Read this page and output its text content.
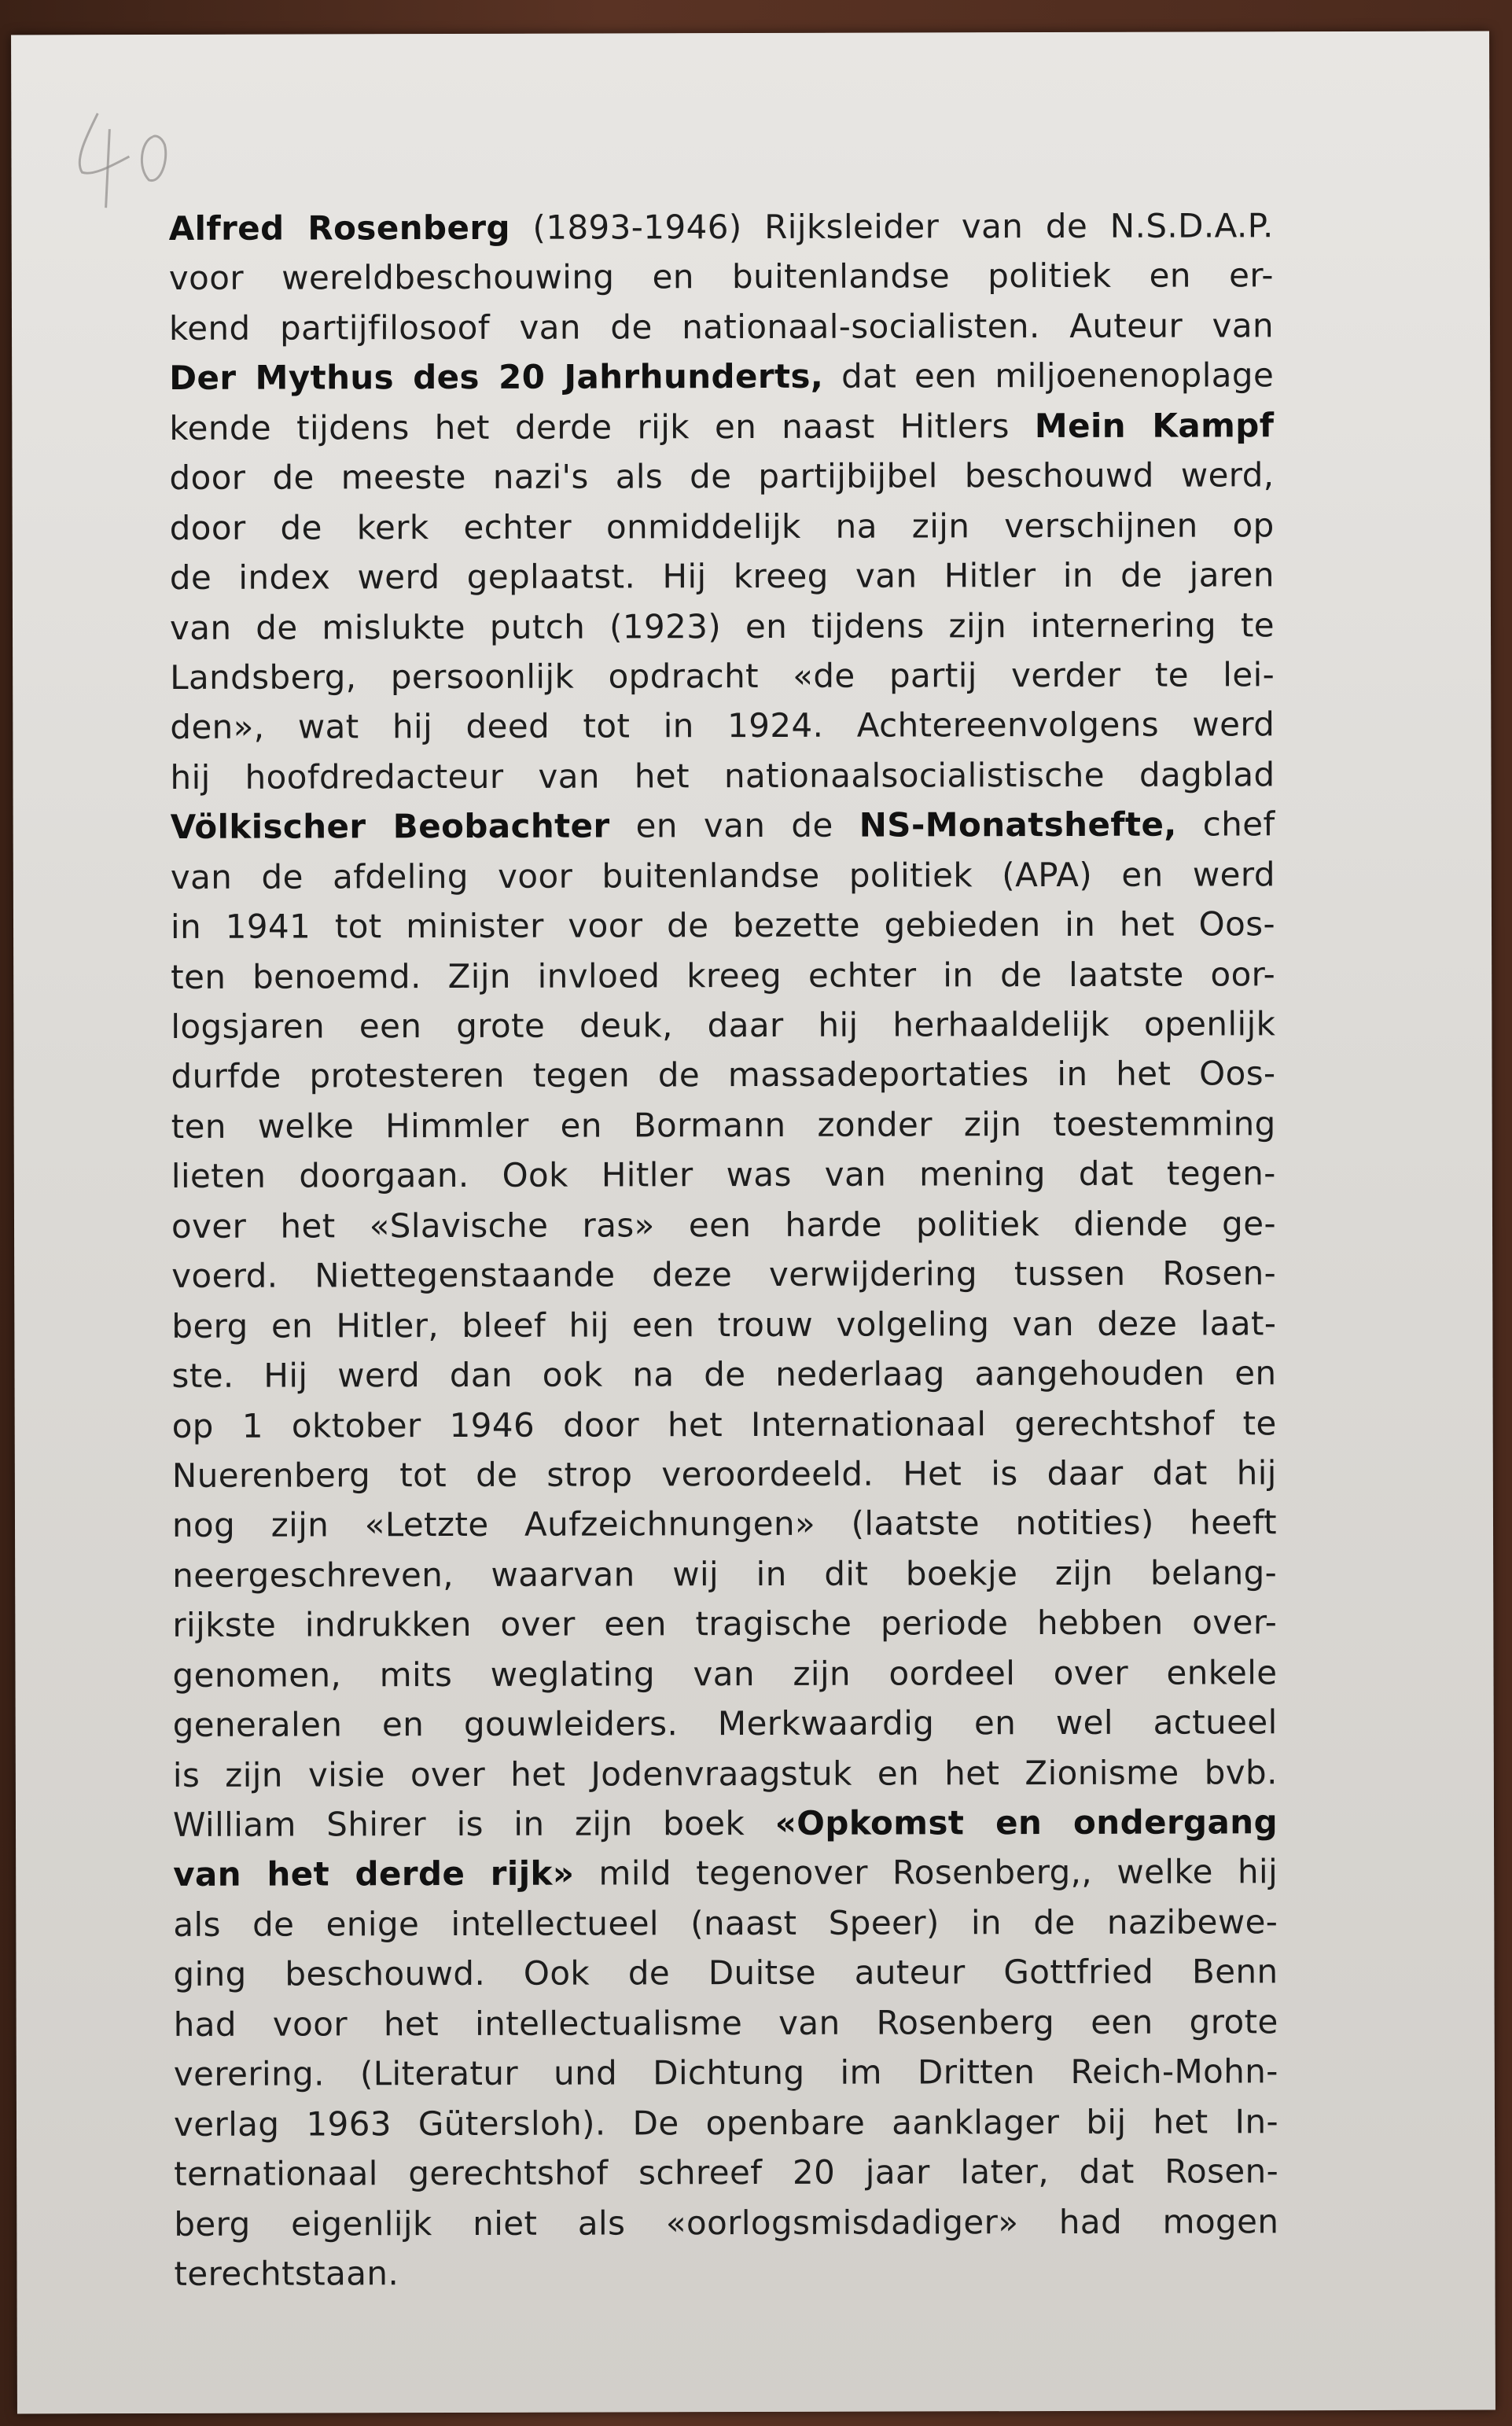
Alfred Rosenberg (1893-1946) Rijksleider van de N.S.D.A.P.
voor wereldbeschouwing en buitenlandse politiek en er-
kend partijfilosoof van de nationaal-socialisten. Auteur van
Der Mythus des 20 Jahrhunderts, dat een miljoenenoplage
kende tijdens het derde rijk en naast Hitlers Mein Kampf
door de meeste nazi's als de partijbijbel beschouwd werd,
door de kerk echter onmiddelijk na zijn verschijnen op
de index werd geplaatst. Hij kreeg van Hitler in de jaren
van de mislukte putch (1923) en tijdens zijn internering te
Landsberg, persoonlijk opdracht «de partij verder te lei-
den», wat hij deed tot in 1924. Achtereenvolgens werd
hij hoofdredacteur van het nationaalsocialistische dagblad
Völkischer Beobachter en van de NS-Monatshefte, chef
van de afdeling voor buitenlandse politiek (APA) en werd
in 1941 tot minister voor de bezette gebieden in het Oos-
ten benoemd. Zijn invloed kreeg echter in de laatste oor-
logsjaren een grote deuk, daar hij herhaaldelijk openlijk
durfde protesteren tegen de massadeportaties in het Oos-
ten welke Himmler en Bormann zonder zijn toestemming
lieten doorgaan. Ook Hitler was van mening dat tegen-
over het «Slavische ras» een harde politiek diende ge-
voerd. Niettegenstaande deze verwijdering tussen Rosen-
berg en Hitler, bleef hij een trouw volgeling van deze laat-
ste. Hij werd dan ook na de nederlaag aangehouden en
op 1 oktober 1946 door het Internationaal gerechtshof te
Nuerenberg tot de strop veroordeeld. Het is daar dat hij
nog zijn «Letzte Aufzeichnungen» (laatste notities) heeft
neergeschreven, waarvan wij in dit boekje zijn belang-
rijkste indrukken over een tragische periode hebben over-
genomen, mits weglating van zijn oordeel over enkele
generalen en gouwleiders. Merkwaardig en wel actueel
is zijn visie over het Jodenvraagstuk en het Zionisme bvb.
William Shirer is in zijn boek «Opkomst en ondergang
van het derde rijk» mild tegenover Rosenberg,, welke hij
als de enige intellectueel (naast Speer) in de nazibewe-
ging beschouwd. Ook de Duitse auteur Gottfried Benn
had voor het intellectualisme van Rosenberg een grote
verering. (Literatur und Dichtung im Dritten Reich-Mohn-
verlag 1963 Gütersloh). De openbare aanklager bij het In-
ternationaal gerechtshof schreef 20 jaar later, dat Rosen-
berg eigenlijk niet als «oorlogsmisdadiger» had mogen
terechtstaan.
